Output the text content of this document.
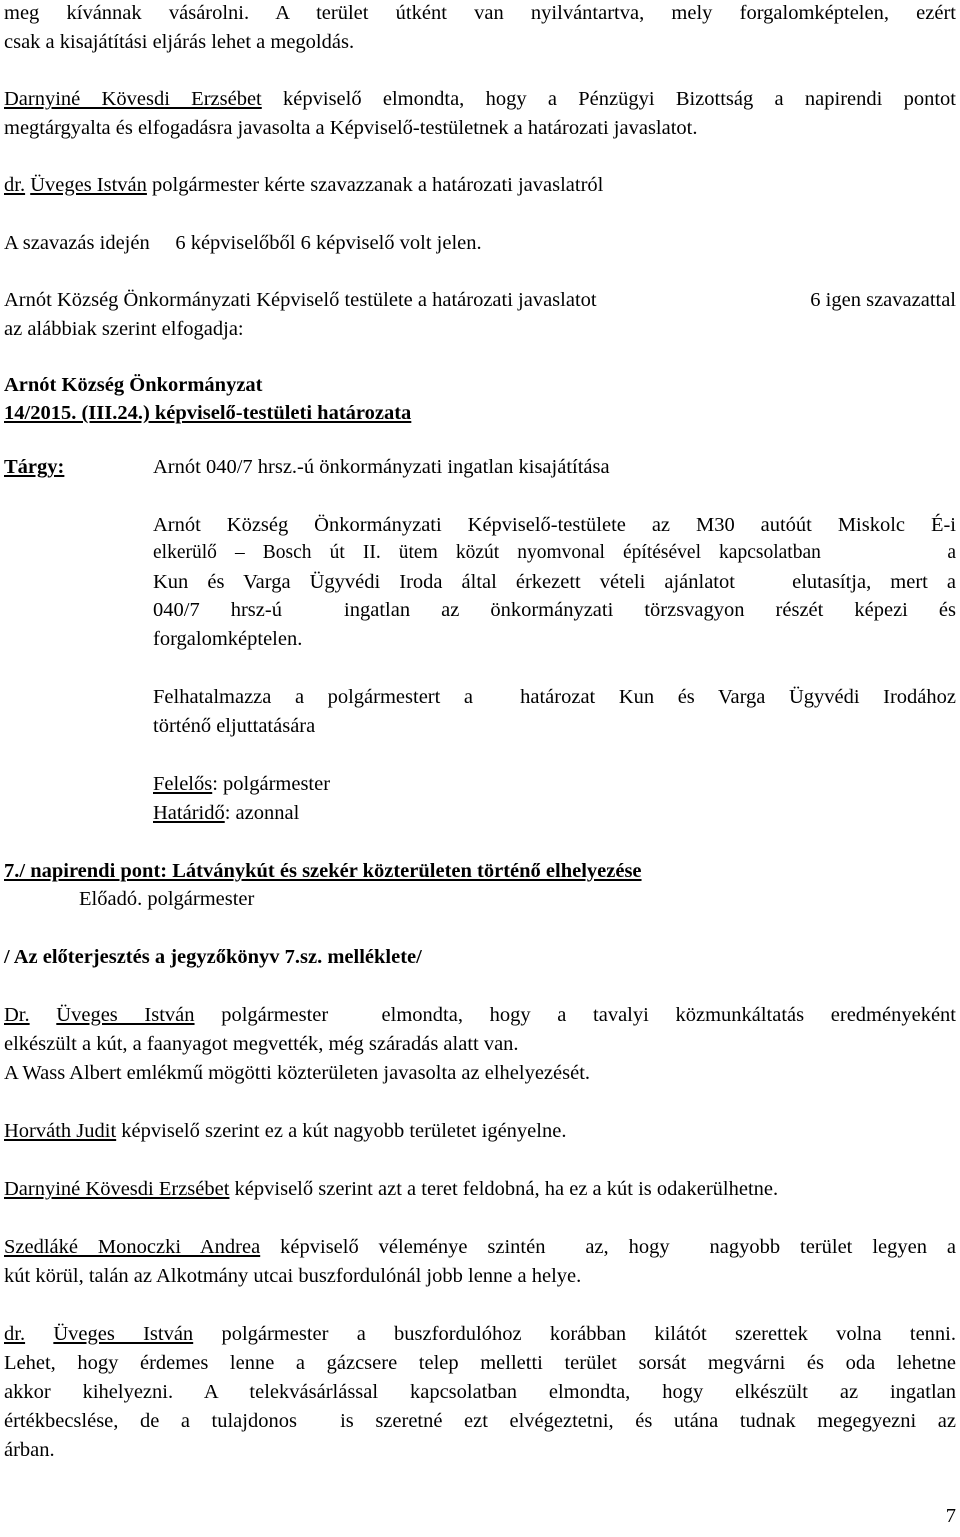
meg kívánnak vásárolni. A terület útként van nyilvántartva, mely forgalomképtelen, ezért
csak a kisajátítási eljárás lehet a megoldás.
Darnyiné Kövesdi Erzsébet képviselő elmondta, hogy a Pénzügyi Bizottság a napirendi pontot
megtárgyalta és elfogadásra javasolta a Képviselő-testületnek a határozati javaslatot.
dr. Üveges István polgármester kérte szavazzanak a határozati javaslatról
A szavazás idején     6 képviselőből 6 képviselő volt jelen.
Arnót Község Önkormányzati Képviselő testülete a határozati javaslatot	6 igen szavazattal
az alábbiak szerint elfogadja:
Arnót Község Önkormányzat
14/2015. (III.24.) képviselő-testületi határozata
Tárgy:	Arnót 040/7 hrsz.-ú önkormányzati ingatlan kisajátítása
Arnót Község Önkormányzati Képviselő-testülete az M30 autóút Miskolc É-i
elkerülő – Bosch út II. ütem közút nyomvonal építésével kapcsolatban       a
Kun és Varga Ügyvédi Iroda által érkezett vételi ajánlatot   elutasítja, mert a
040/7 hrsz-ú  ingatlan az önkormányzati törzsvagyon részét képezi és
forgalomképtelen.
Felhatalmazza a polgármestert a  határozat Kun és Varga Ügyvédi Irodához
történő eljuttatására
Felelős: polgármester
Határidő: azonnal
7./ napirendi pont: Látványkút és szekér közterületen történő elhelyezése
Előadó. polgármester
/ Az előterjesztés a jegyzőkönyv 7.sz. melléklete/
Dr. Üveges István polgármester  elmondta, hogy a tavalyi közmunkáltatás eredményeként
elkészült a kút, a faanyagot megvették, még száradás alatt van.
A Wass Albert emlékmű mögötti közterületen javasolta az elhelyezését.
Horváth Judit képviselő szerint ez a kút nagyobb területet igényelne.
Darnyiné Kövesdi Erzsébet képviselő szerint azt a teret feldobná, ha ez a kút is odakerülhetne.
Szedláké Monoczki Andrea képviselő véleménye szintén  az, hogy  nagyobb terület legyen a
kút körül, talán az Alkotmány utcai buszfordulónál jobb lenne a helye.
dr. Üveges István polgármester a buszfordulóhoz korábban kilátót szerettek volna tenni.
Lehet, hogy érdemes lenne a gázcsere telep melletti terület sorsát megvárni és oda lehetne
akkor kihelyezni. A telekvásárlással kapcsolatban elmondta, hogy elkészült az ingatlan
értékbecslése, de a tulajdonos  is szeretné ezt elvégeztetni, és utána tudnak megegyezni az
árban.
7
